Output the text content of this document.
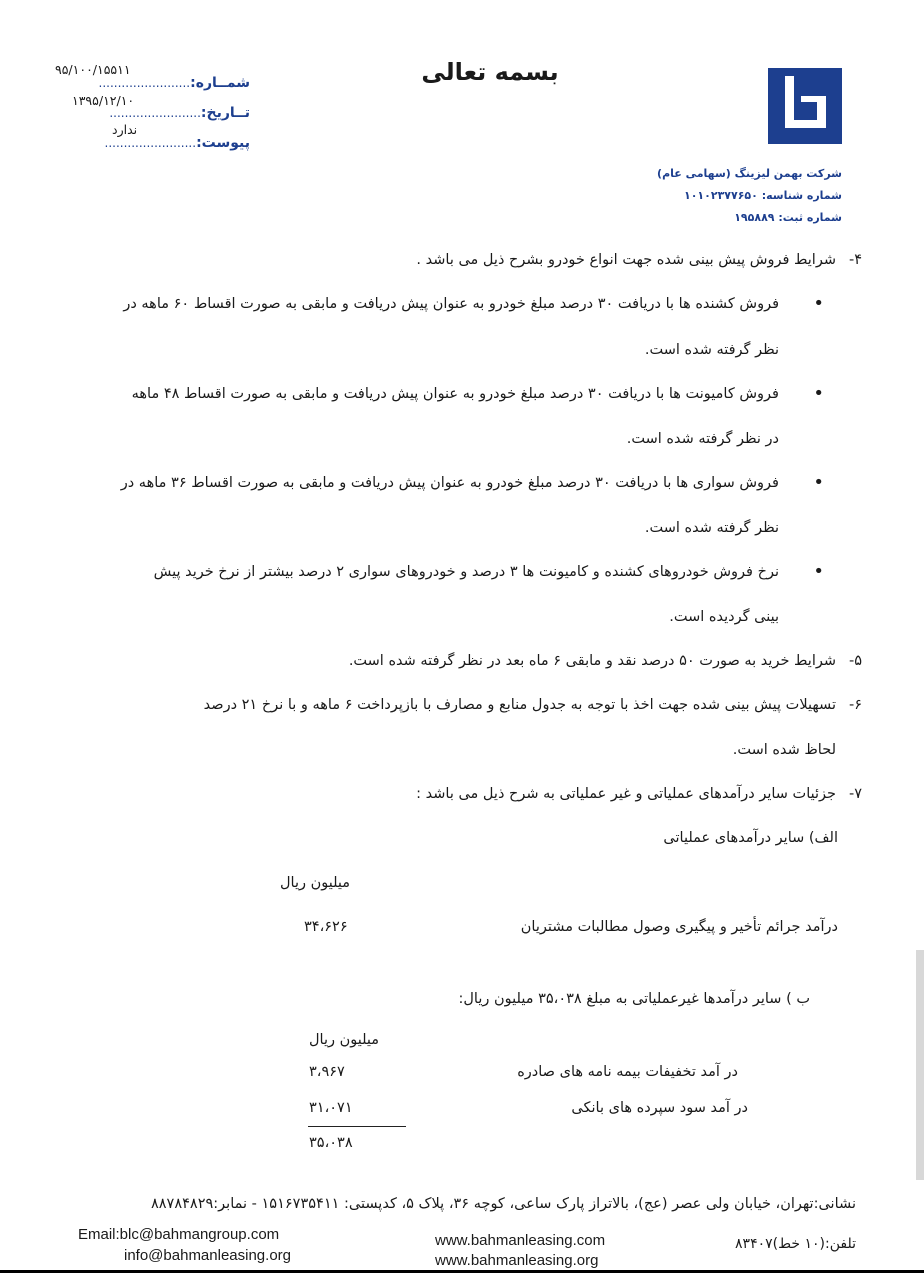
بسمه تعالی
شرکت بهمن لیزینگ (سهامی عام)
شماره شناسه: ۱۰۱۰۲۳۷۷۶۵۰
شماره ثبت: ۱۹۵۸۸۹
۹۵/۱۰۰/۱۵۵۱۱
شمــاره:........................
۱۳۹۵/۱۲/۱۰
تــاریخ:........................
ندارد
پیوست:........................
۴-
شرایط فروش پیش بینی شده جهت انواع خودرو بشرح ذیل می باشد .
•
فروش کشنده ها با دریافت ۳۰ درصد مبلغ خودرو به عنوان پیش دریافت و مابقی به صورت اقساط ۶۰ ماهه در
نظر گرفته شده است.
•
فروش کامیونت ها با دریافت ۳۰ درصد مبلغ خودرو به عنوان پیش دریافت و مابقی به صورت اقساط ۴۸ ماهه
در نظر گرفته شده است.
•
فروش سواری ها با دریافت ۳۰ درصد مبلغ خودرو به عنوان پیش دریافت و مابقی به صورت اقساط ۳۶ ماهه در
نظر گرفته شده است.
•
نرخ فروش خودروهای کشنده و کامیونت ها ۳ درصد و خودروهای سواری ۲ درصد بیشتر از نرخ خرید پیش
بینی گردیده است.
۵-
شرایط خرید به صورت ۵۰ درصد نقد و مابقی ۶ ماه بعد در نظر گرفته شده است.
۶-
تسهیلات پیش بینی شده جهت اخذ با توجه به جدول منابع و مصارف با بازپرداخت ۶ ماهه و با نرخ ۲۱ درصد
لحاظ شده است.
۷-
جزئیات سایر درآمدهای عملیاتی و غیر عملیاتی به شرح ذیل می باشد :
الف) سایر درآمدهای عملیاتی
میلیون ریال
۳۴،۶۲۶	درآمد جرائم تأخیر و پیگیری وصول مطالبات مشتریان
ب ) سایر درآمدها غیرعملیاتی به مبلغ ۳۵،۰۳۸ میلیون ریال:
میلیون ریال
۳،۹۶۷	در آمد تخفیفات بیمه نامه های صادره
۳۱،۰۷۱	در آمد سود سپرده های بانکی
۳۵،۰۳۸
نشانی:تهران، خیابان ولی عصر (عج)، بالاتراز پارک ساعی، کوچه ۳۶، پلاک ۵، کدپستی: ۱۵۱۶۷۳۵۴۱۱ - نمابر:۸۸۷۸۴۸۲۹
Email:blc@bahmangroup.com
info@bahmanleasing.org
www.bahmanleasing.com
www.bahmanleasing.org
تلفن:(۱۰ خط)۸۳۴۰۷
